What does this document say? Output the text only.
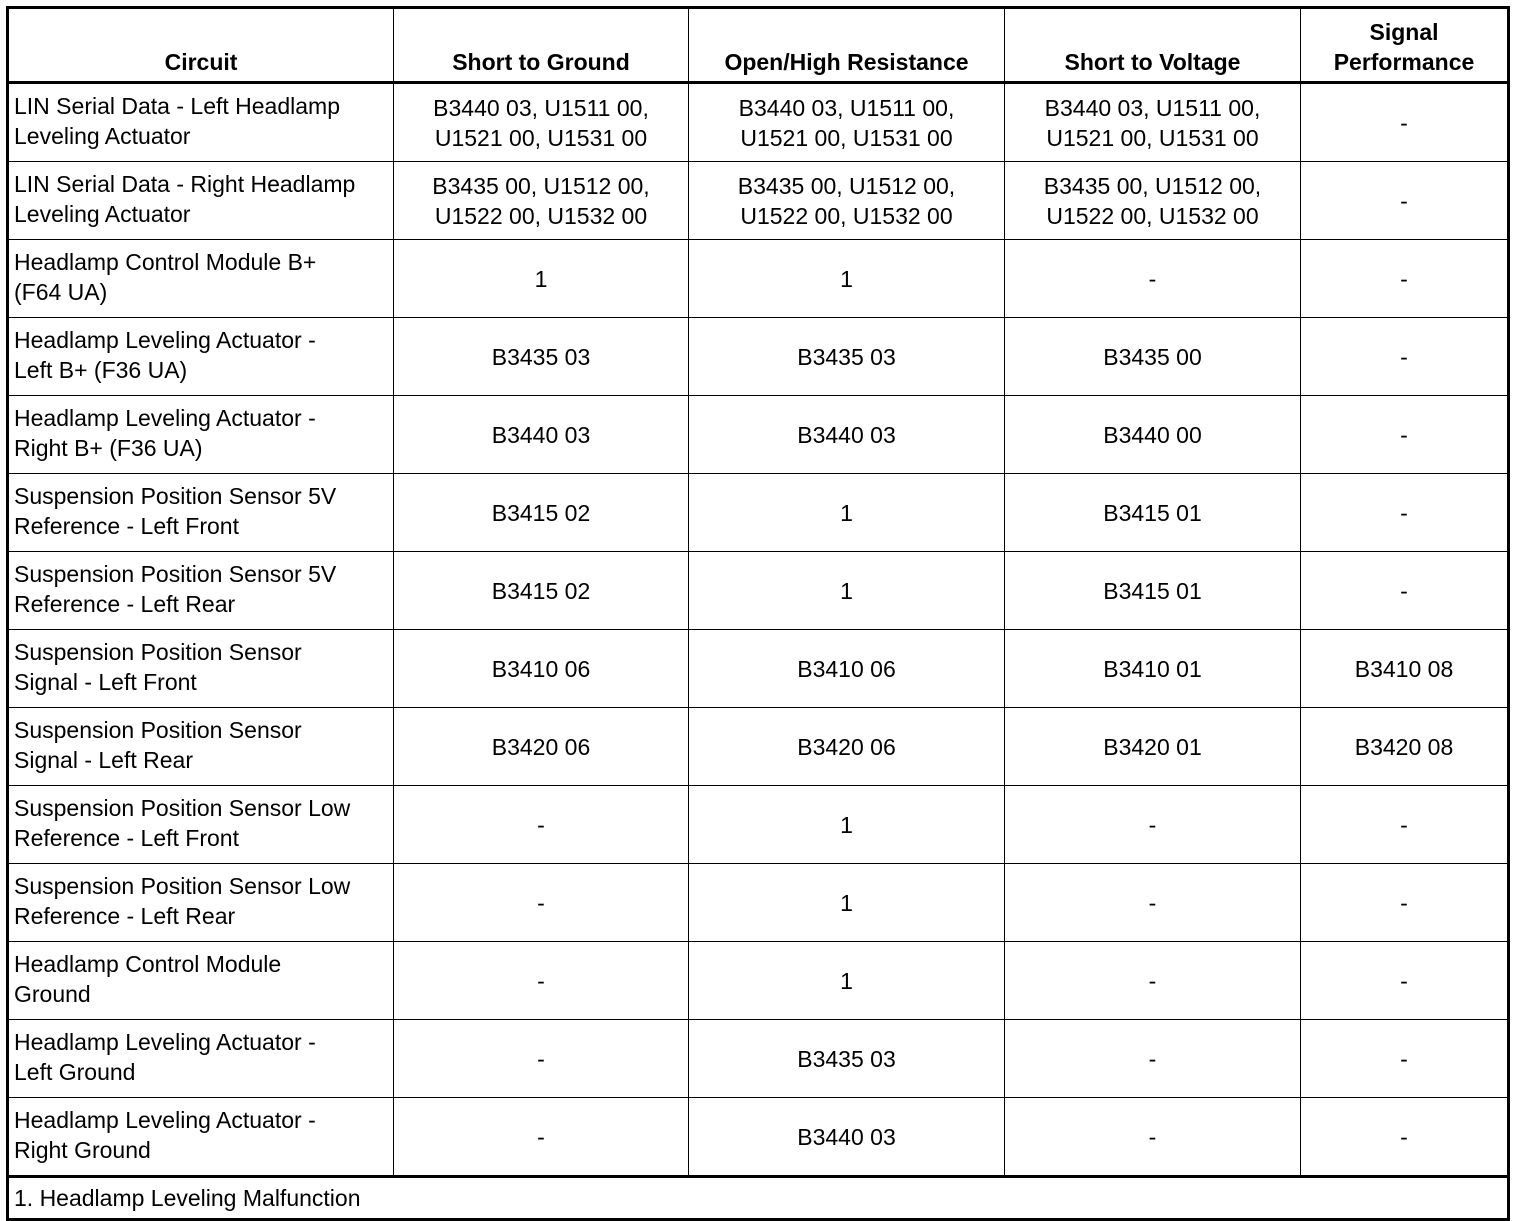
Circuit	Short to Ground	Open/High Resistance	Short to Voltage	Signal
Performance

LIN Serial Data - Left Headlamp
Leveling Actuator	B3440 03, U1511 00,
U1521 00, U1531 00	B3440 03, U1511 00,
U1521 00, U1531 00	B3440 03, U1511 00,
U1521 00, U1531 00	-

LIN Serial Data - Right Headlamp
Leveling Actuator	B3435 00, U1512 00,
U1522 00, U1532 00	B3435 00, U1512 00,
U1522 00, U1532 00	B3435 00, U1512 00,
U1522 00, U1532 00	-

Headlamp Control Module B+
(F64 UA)	1	1	-	-

Headlamp Leveling Actuator -
Left B+ (F36 UA)	B3435 03	B3435 03	B3435 00	-

Headlamp Leveling Actuator -
Right B+ (F36 UA)	B3440 03	B3440 03	B3440 00	-

Suspension Position Sensor 5V
Reference - Left Front	B3415 02	1	B3415 01	-

Suspension Position Sensor 5V
Reference - Left Rear	B3415 02	1	B3415 01	-

Suspension Position Sensor
Signal - Left Front	B3410 06	B3410 06	B3410 01	B3410 08

Suspension Position Sensor
Signal - Left Rear	B3420 06	B3420 06	B3420 01	B3420 08

Suspension Position Sensor Low
Reference - Left Front	-	1	-	-

Suspension Position Sensor Low
Reference - Left Rear	-	1	-	-

Headlamp Control Module
Ground	-	1	-	-

Headlamp Leveling Actuator -
Left Ground	-	B3435 03	-	-

Headlamp Leveling Actuator -
Right Ground	-	B3440 03	-	-
1. Headlamp Leveling Malfunction				
